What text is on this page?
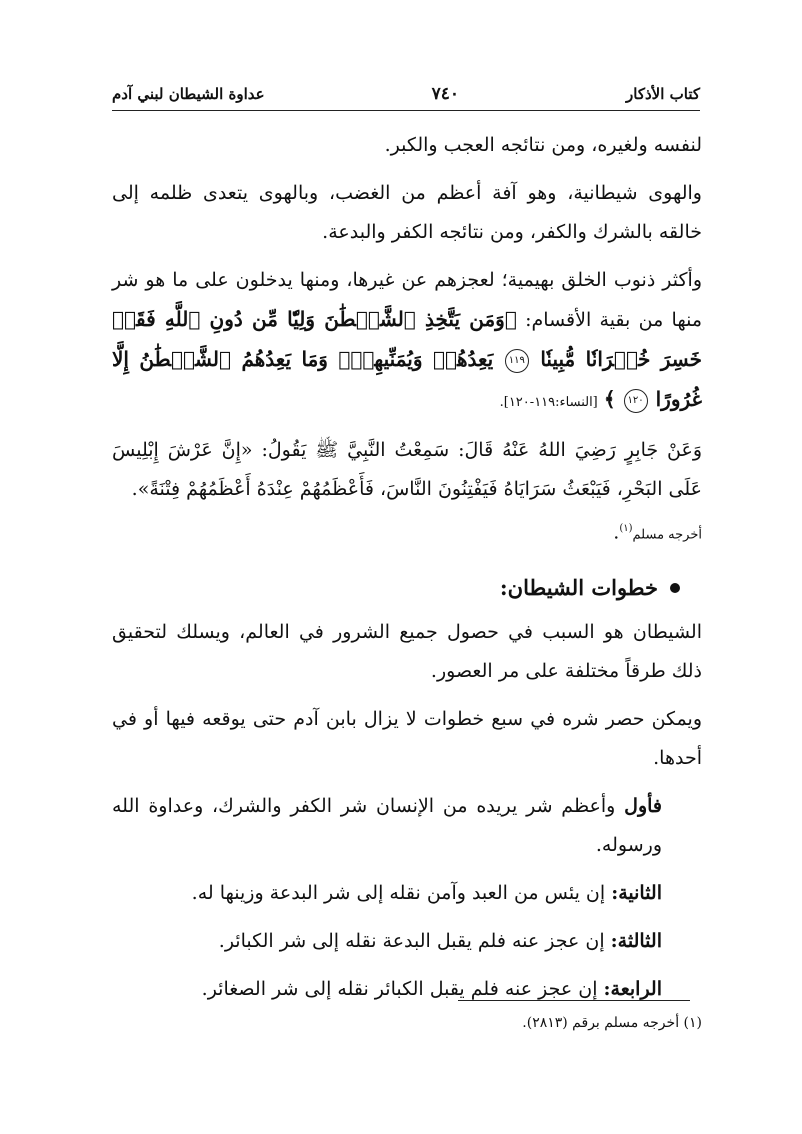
كتاب الأذكار
٧٤٠
عداوة الشيطان لبني آدم

لنفسه ولغيره، ومن نتائجه العجب والكبر.

والهوى شيطانية، وهو آفة أعظم من الغضب، وبالهوى يتعدى ظلمه إلى خالقه بالشرك والكفر، ومن نتائجه الكفر والبدعة.

وأكثر ذنوب الخلق بهيمية؛ لعجزهم عن غيرها، ومنها يدخلون على ما هو شر منها من بقية الأقسام: ﴿وَمَن يَتَّخِذِ ٱلشَّيۡطَٰنَ وَلِيّٗا مِّن دُونِ ٱللَّهِ فَقَدۡ خَسِرَ خُسۡرَانٗا مُّبِينٗا ١١٩ يَعِدُهُمۡ وَيُمَنِّيهِمۡۖ وَمَا يَعِدُهُمُ ٱلشَّيۡطَٰنُ إِلَّا غُرُورًا ١٢٠ ﴾ [النساء:١١٩-١٢٠].

وَعَنْ جَابِرٍ رَضِيَ اللهُ عَنْهُ قَالَ: سَمِعْتُ النَّبِيَّ ﷺ يَقُولُ: «إِنَّ عَرْشَ إِبْلِيسَ عَلَى البَحْرِ، فَيَبْعَثُ سَرَايَاهُ فَيَفْتِنُونَ النَّاسَ، فَأَعْظَمُهُمْ عِنْدَهُ أَعْظَمُهُمْ فِتْنَةً».
أخرجه مسلم$^{(١)}$.

خطوات الشيطان:

الشيطان هو السبب في حصول جميع الشرور في العالم، ويسلك لتحقيق ذلك طرقاً مختلفة على مر العصور.

ويمكن حصر شره في سبع خطوات لا يزال بابن آدم حتى يوقعه فيها أو في أحدها.

فأول وأعظم شر يريده من الإنسان شر الكفر والشرك، وعداوة الله ورسوله.

الثانية: إن يئس من العبد وآمن نقله إلى شر البدعة وزينها له.

الثالثة: إن عجز عنه فلم يقبل البدعة نقله إلى شر الكبائر.

الرابعة: إن عجز عنه فلم يقبل الكبائر نقله إلى شر الصغائر.

(١) أخرجه مسلم برقم (٢٨١٣).
